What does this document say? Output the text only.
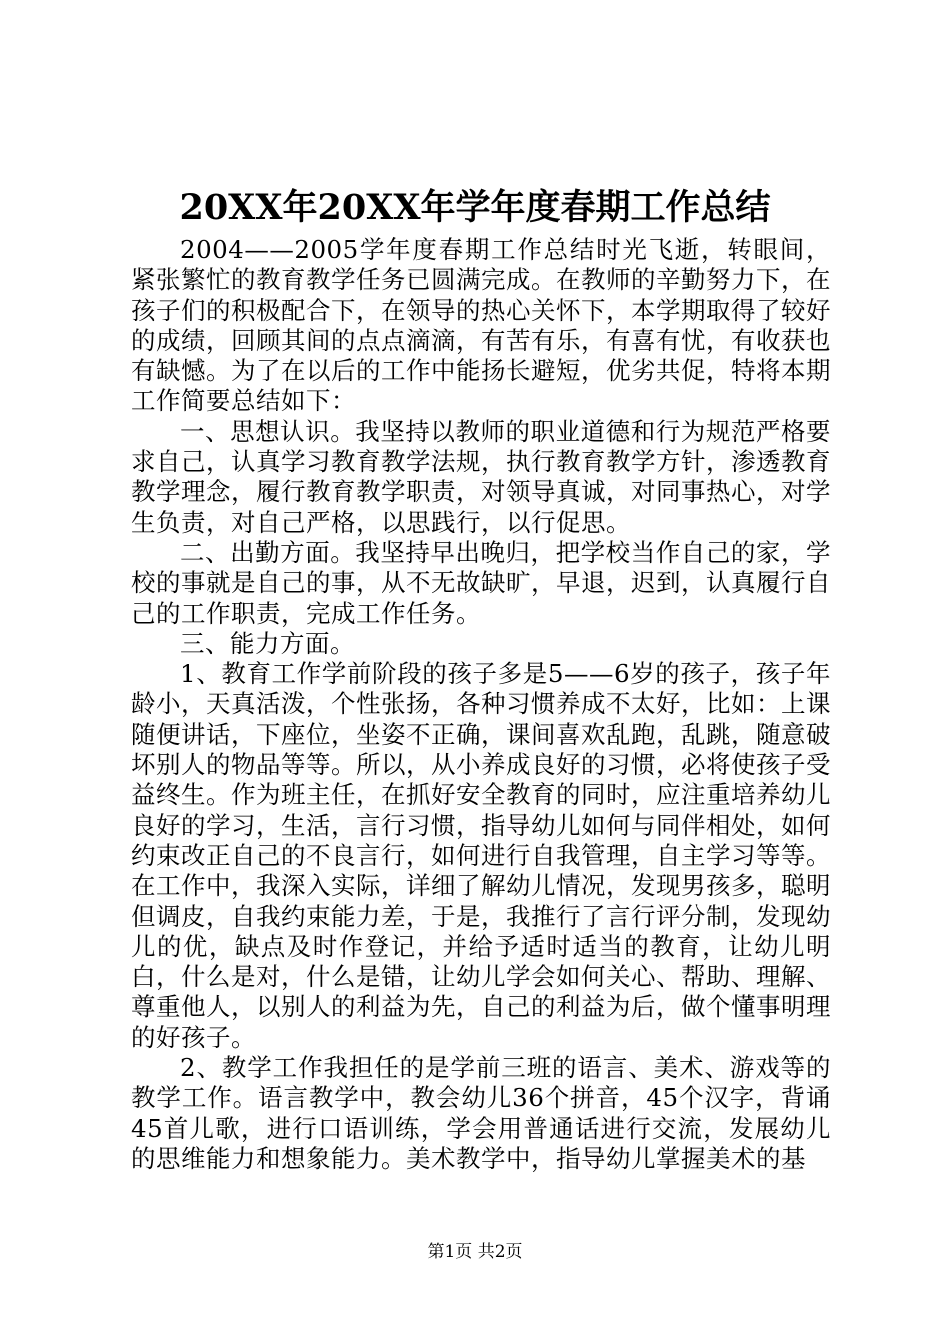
20XX年20XX年学年度春期工作总结

2004——2005学年度春期工作总结时光飞逝，转眼间，紧张繁忙的教育教学任务已圆满完成。在教师的辛勤努力下，在孩子们的积极配合下，在领导的热心关怀下，本学期取得了较好的成绩，回顾其间的点点滴滴，有苦有乐，有喜有忧，有收获也有缺憾。为了在以后的工作中能扬长避短，优劣共促，特将本期工作简要总结如下：

一、思想认识。我坚持以教师的职业道德和行为规范严格要求自己，认真学习教育教学法规，执行教育教学方针，渗透教育教学理念，履行教育教学职责，对领导真诚，对同事热心，对学生负责，对自己严格，以思践行，以行促思。

二、出勤方面。我坚持早出晚归，把学校当作自己的家，学校的事就是自己的事，从不无故缺旷，早退，迟到，认真履行自己的工作职责，完成工作任务。

三、能力方面。

1、教育工作学前阶段的孩子多是5——6岁的孩子，孩子年龄小，天真活泼，个性张扬，各种习惯养成不太好，比如：上课随便讲话，下座位，坐姿不正确，课间喜欢乱跑，乱跳，随意破坏别人的物品等等。所以，从小养成良好的习惯，必将使孩子受益终生。作为班主任，在抓好安全教育的同时，应注重培养幼儿良好的学习，生活，言行习惯，指导幼儿如何与同伴相处，如何约束改正自己的不良言行，如何进行自我管理，自主学习等等。在工作中，我深入实际，详细了解幼儿情况，发现男孩多，聪明但调皮，自我约束能力差，于是，我推行了言行评分制，发现幼儿的优，缺点及时作登记，并给予适时适当的教育，让幼儿明白，什么是对，什么是错，让幼儿学会如何关心、帮助、理解、尊重他人，以别人的利益为先，自己的利益为后，做个懂事明理的好孩子。

2、教学工作我担任的是学前三班的语言、美术、游戏等的教学工作。语言教学中，教会幼儿36个拼音，45个汉字，背诵45首儿歌，进行口语训练，学会用普通话进行交流，发展幼儿的思维能力和想象能力。美术教学中，指导幼儿掌握美术的基

第1页 共2页
